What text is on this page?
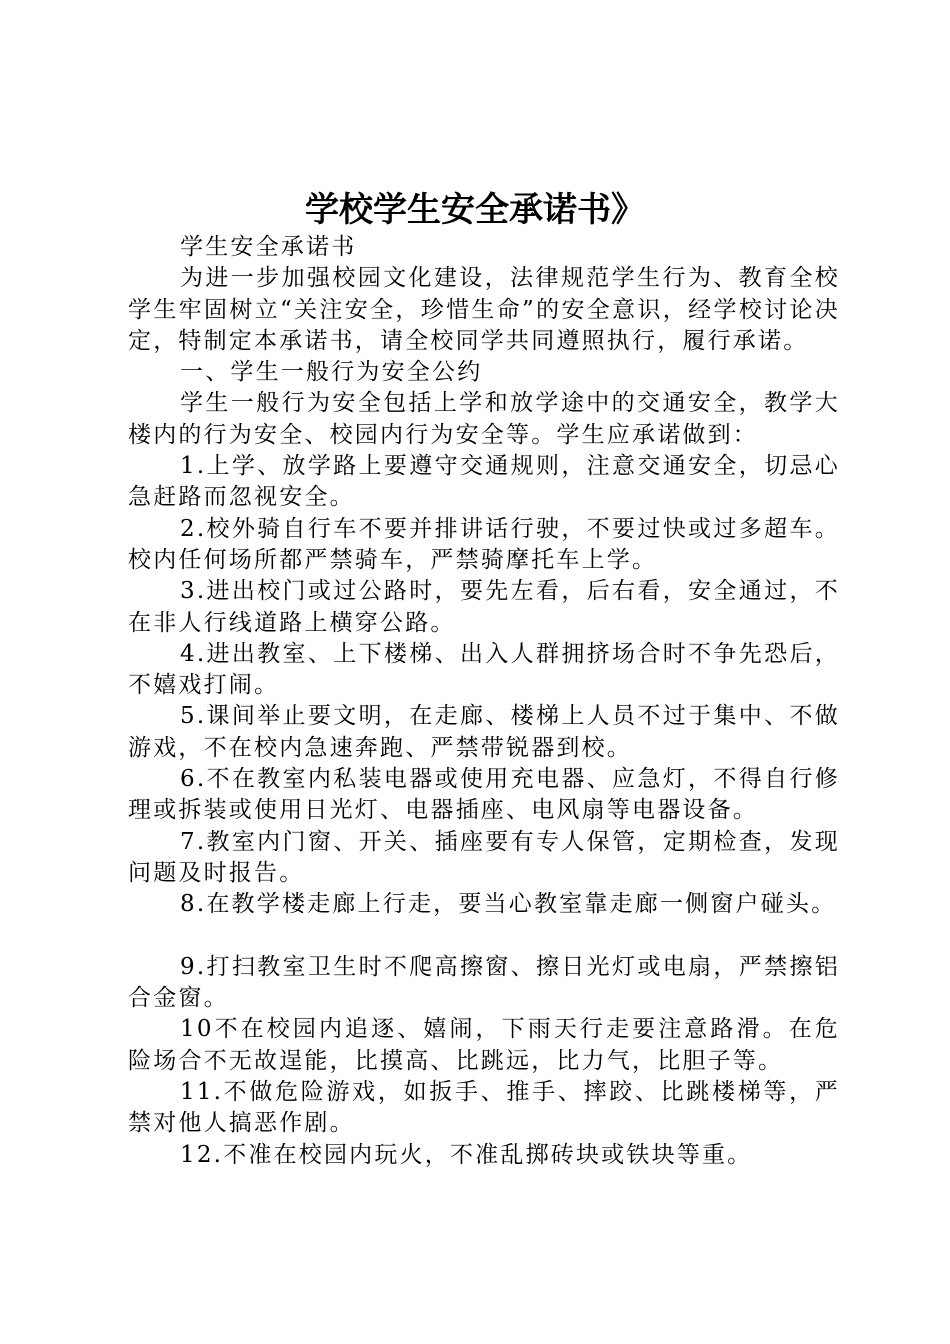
学校学生安全承诺书》

学生安全承诺书

为进一步加强校园文化建设，法律规范学生行为、教育全校学生牢固树立“关注安全，珍惜生命”的安全意识，经学校讨论决定，特制定本承诺书，请全校同学共同遵照执行，履行承诺。

一、学生一般行为安全公约

学生一般行为安全包括上学和放学途中的交通安全，教学大楼内的行为安全、校园内行为安全等。学生应承诺做到：

1.上学、放学路上要遵守交通规则，注意交通安全，切忌心急赶路而忽视安全。

2.校外骑自行车不要并排讲话行驶，不要过快或过多超车。校内任何场所都严禁骑车，严禁骑摩托车上学。

3.进出校门或过公路时，要先左看，后右看，安全通过，不在非人行线道路上横穿公路。

4.进出教室、上下楼梯、出入人群拥挤场合时不争先恐后，不嬉戏打闹。

5.课间举止要文明，在走廊、楼梯上人员不过于集中、不做游戏，不在校内急速奔跑、严禁带锐器到校。

6.不在教室内私装电器或使用充电器、应急灯，不得自行修理或拆装或使用日光灯、电器插座、电风扇等电器设备。

7.教室内门窗、开关、插座要有专人保管，定期检查，发现问题及时报告。

8.在教学楼走廊上行走，要当心教室靠走廊一侧窗户碰头。

9.打扫教室卫生时不爬高擦窗、擦日光灯或电扇，严禁擦铝合金窗。

10不在校园内追逐、嬉闹，下雨天行走要注意路滑。在危险场合不无故逞能，比摸高、比跳远，比力气，比胆子等。

11.不做危险游戏，如扳手、推手、摔跤、比跳楼梯等，严禁对他人搞恶作剧。

12.不准在校园内玩火，不准乱掷砖块或铁块等重。
